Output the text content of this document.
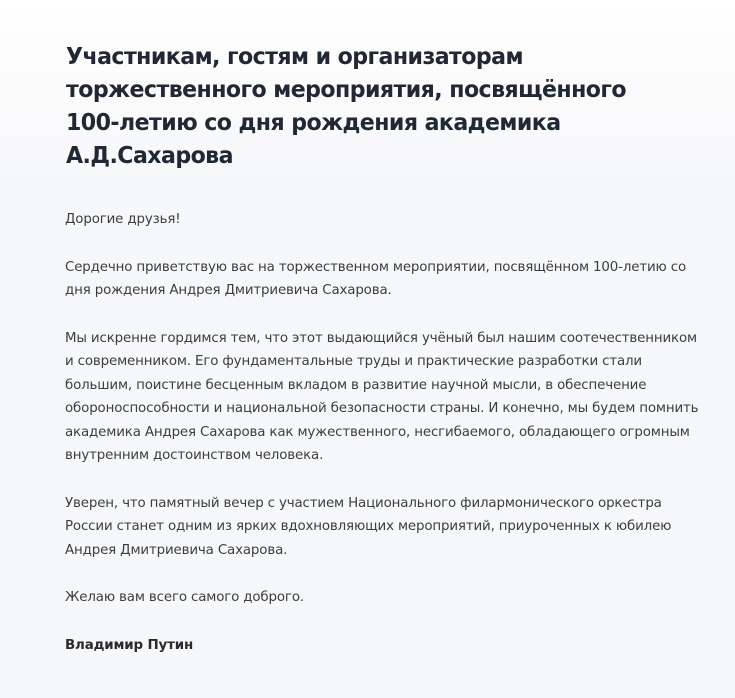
Участникам, гостям и организаторам торжественного мероприятия, посвящённого 100-летию со дня рождения академика А.Д.Сахарова

Дорогие друзья!

Сердечно приветствую вас на торжественном мероприятии, посвящённом 100-летию со дня рождения Андрея Дмитриевича Сахарова.

Мы искренне гордимся тем, что этот выдающийся учёный был нашим соотечественником и современником. Его фундаментальные труды и практические разработки стали большим, поистине бесценным вкладом в развитие научной мысли, в обеспечение обороноспособности и национальной безопасности страны. И конечно, мы будем помнить академика Андрея Сахарова как мужественного, несгибаемого, обладающего огромным внутренним достоинством человека.

Уверен, что памятный вечер с участием Национального филармонического оркестра России станет одним из ярких вдохновляющих мероприятий, приуроченных к юбилею Андрея Дмитриевича Сахарова.

Желаю вам всего самого доброго.

Владимир Путин
